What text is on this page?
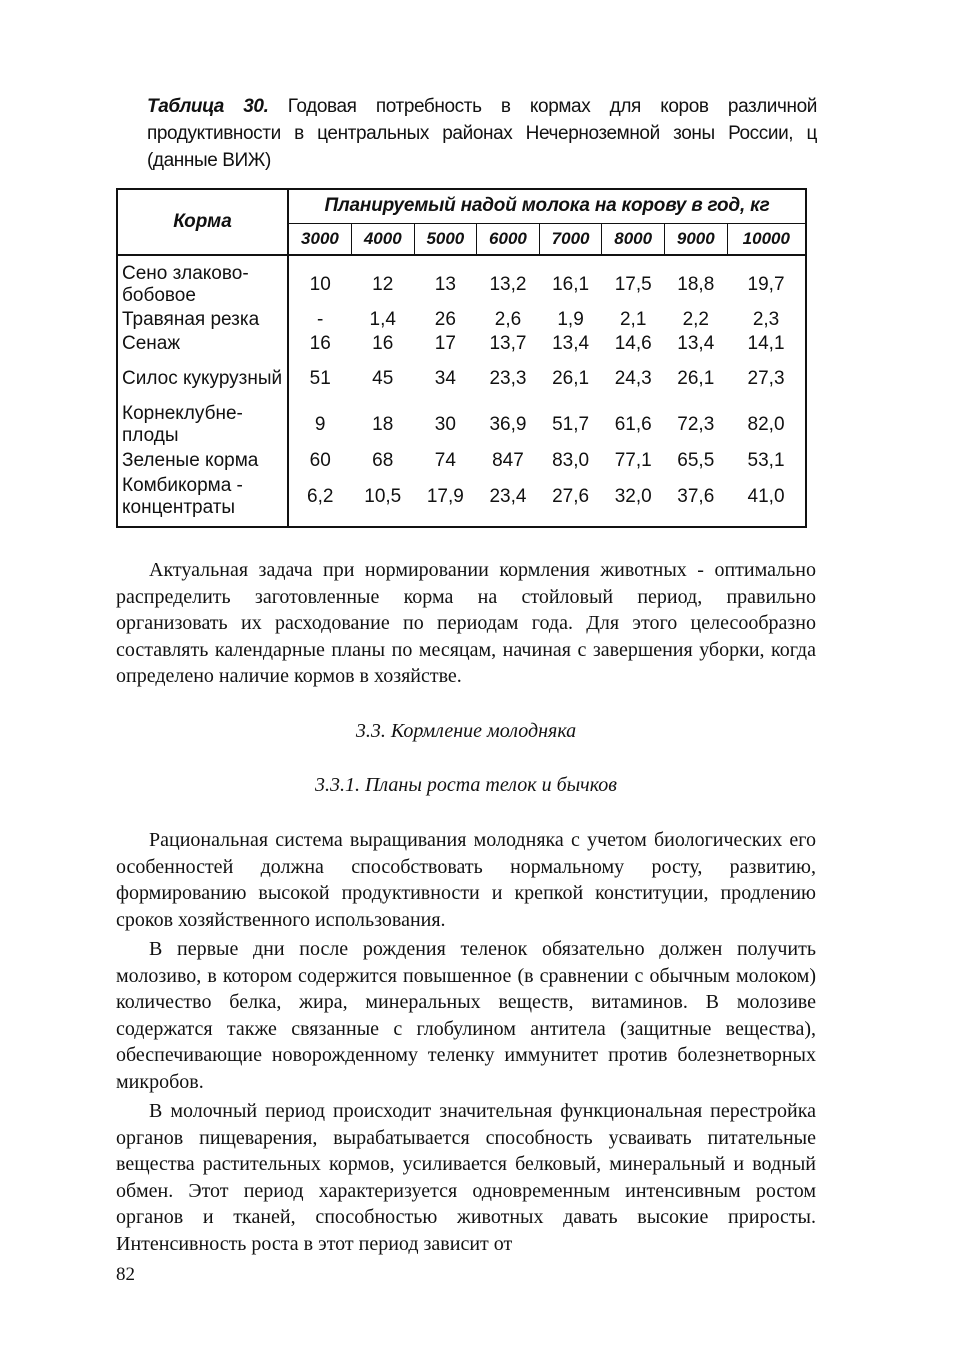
Таблица 30. Годовая потребность в кормах для коров различной продуктивности в центральных районах Нечерноземной зоны России, ц (данные ВИЖ)
Корма	Планируемый надой молока на корову в год, кг							
	3000	4000	5000	6000	7000	8000	9000	10000
Сено злаково-бобовое	10	12	13	13,2	16,1	17,5	18,8	19,7
Травяная резка	-	1,4	26	2,6	1,9	2,1	2,2	2,3
Сенаж	16	16	17	13,7	13,4	14,6	13,4	14,1
Силос кукурузный	51	45	34	23,3	26,1	24,3	26,1	27,3
Корнеклубне-плоды	9	18	30	36,9	51,7	61,6	72,3	82,0
Зеленые корма	60	68	74	847	83,0	77,1	65,5	53,1
Комбикорма - концентраты	6,2	10,5	17,9	23,4	27,6	32,0	37,6	41,0

Актуальная задача при нормировании кормления животных - оптимально распределить заготовленные корма на стойловый период, правильно организовать их расходование по периодам года. Для этого целесообразно составлять календарные планы по месяцам, начиная с завершения уборки, когда определено наличие кормов в хозяйстве.

3.3. Кормление молодняка

3.3.1. Планы роста телок и бычков

Рациональная система выращивания молодняка с учетом биологических его особенностей должна способствовать нормальному росту, развитию, формированию высокой продуктивности и крепкой конституции, продлению сроков хозяйственного использования.

В первые дни после рождения теленок обязательно должен получить молозиво, в котором содержится повышенное (в сравнении с обычным молоком) количество белка, жира, минеральных веществ, витаминов. В молозиве содержатся также связанные с глобулином антитела (защитные вещества), обеспечивающие новорожденному теленку иммунитет против болезнетворных микробов.

В молочный период происходит значительная функциональная перестройка органов пищеварения, вырабатывается способность усваивать питательные вещества растительных кормов, усиливается белковый, минеральный и водный обмен. Этот период характеризуется одновременным интенсивным ростом органов и тканей, способностью животных давать высокие приросты. Интенсивность роста в этот период зависит от

82
